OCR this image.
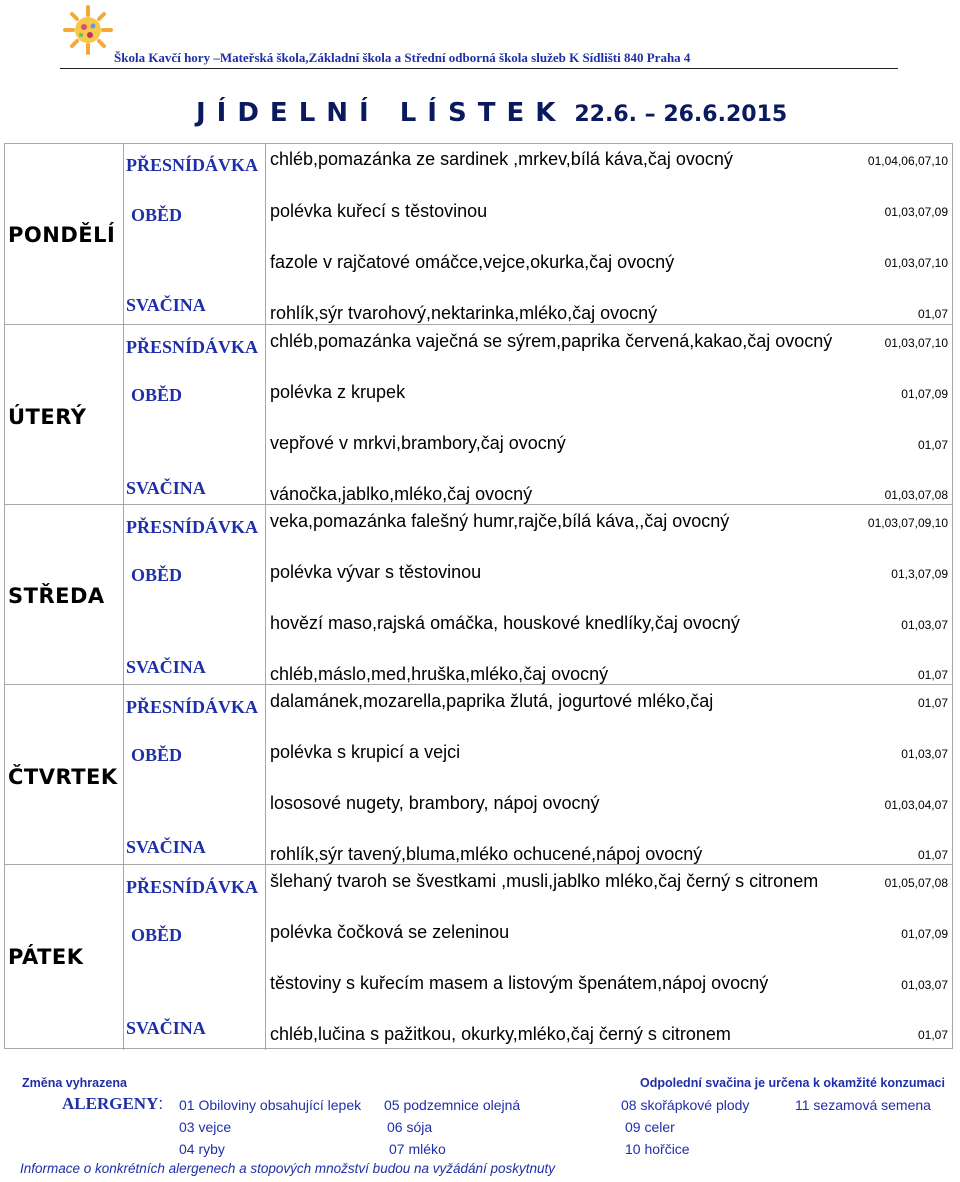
Škola Kavčí hory –Mateřská škola,Základní škola a Střední odborná škola služeb K Sídlišti 840 Praha 4
JÍDELNÍ LÍSTEK 22.6. – 26.6.2015
PONDĚLÍ
PŘESNÍDÁVKA chléb,pomazánka ze sardinek ,mrkev,bílá káva,čaj ovocný	01,04,06,07,10
OBĚD	polévka kuřecí s těstovinou	01,03,07,09
fazole v rajčatové omáčce,vejce,okurka,čaj ovocný	01,03,07,10
SVAČINA	rohlík,sýr tvarohový,nektarinka,mléko,čaj ovocný	01,07
ÚTERÝ
PŘESNÍDÁVKA chléb,pomazánka vaječná se sýrem,paprika červená,kakao,čaj ovocný	01,03,07,10
OBĚD	polévka z krupek	01,07,09
vepřové v mrkvi,brambory,čaj ovocný	01,07
SVAČINA	vánočka,jablko,mléko,čaj ovocný	01,03,07,08
STŘEDA
PŘESNÍDÁVKA veka,pomazánka falešný humr,rajče,bílá káva,,čaj ovocný	01,03,07,09,10
OBĚD	polévka vývar s těstovinou	01,3,07,09
hovězí maso,rajská omáčka, houskové knedlíky,čaj ovocný	01,03,07
SVAČINA	chléb,máslo,med,hruška,mléko,čaj ovocný	01,07
ČTVRTEK
PŘESNÍDÁVKA dalamánek,mozarella,paprika žlutá, jogurtové mléko,čaj	01,07
OBĚD	polévka s krupicí a vejci	01,03,07
lososové nugety, brambory, nápoj ovocný	01,03,04,07
SVAČINA	rohlík,sýr tavený,bluma,mléko ochucené,nápoj ovocný	01,07
PÁTEK
PŘESNÍDÁVKA šlehaný tvaroh se švestkami ,musli,jablko mléko,čaj černý s citronem	01,05,07,08
OBĚD	polévka čočková se zeleninou	01,07,09
těstoviny s kuřecím masem a listovým špenátem,nápoj ovocný	01,03,07
SVAČINA	chléb,lučina s pažitkou, okurky,mléko,čaj černý s citronem	01,07
Změna vyhrazena	Odpolední svačina je určena k okamžité konzumaci
ALERGENY: 01 Obiloviny obsahující lepek 05 podzemnice olejná	08 skořápkové plody	11 sezamová semena
03 vejce	06 sója	09 celer
04 ryby	07 mléko	10 hořčice
Informace o konkrétních alergenech a stopových množství budou na vyžádání poskytnuty
